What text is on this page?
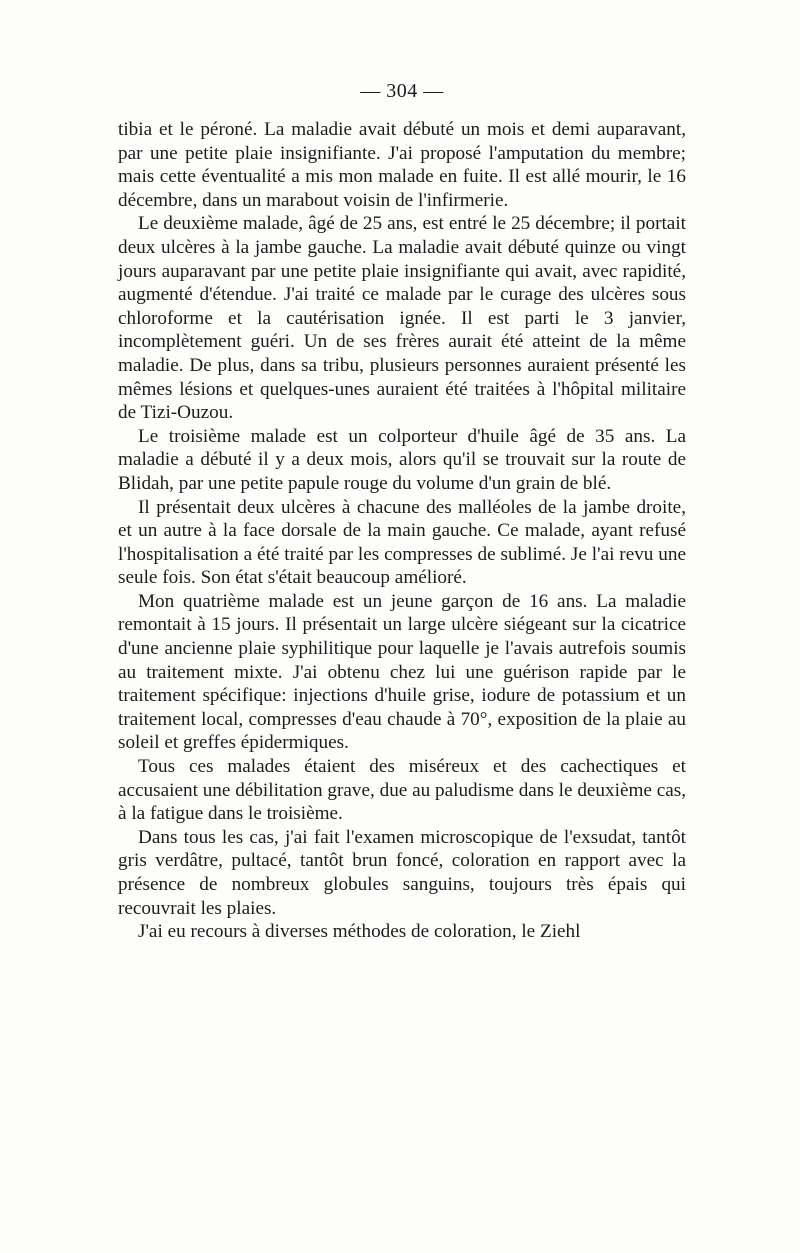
— 304 —

tibia et le péroné. La maladie avait débuté un mois et demi auparavant, par une petite plaie insignifiante. J'ai proposé l'amputation du membre; mais cette éventualité a mis mon malade en fuite. Il est allé mourir, le 16 décembre, dans un marabout voisin de l'infirmerie.

Le deuxième malade, âgé de 25 ans, est entré le 25 décembre; il portait deux ulcères à la jambe gauche. La maladie avait débuté quinze ou vingt jours auparavant par une petite plaie insignifiante qui avait, avec rapidité, augmenté d'étendue. J'ai traité ce malade par le curage des ulcères sous chloroforme et la cautérisation ignée. Il est parti le 3 janvier, incomplètement guéri. Un de ses frères aurait été atteint de la même maladie. De plus, dans sa tribu, plusieurs personnes auraient présenté les mêmes lésions et quelques-unes auraient été traitées à l'hôpital militaire de Tizi-Ouzou.

Le troisième malade est un colporteur d'huile âgé de 35 ans. La maladie a débuté il y a deux mois, alors qu'il se trouvait sur la route de Blidah, par une petite papule rouge du volume d'un grain de blé.

Il présentait deux ulcères à chacune des malléoles de la jambe droite, et un autre à la face dorsale de la main gauche. Ce malade, ayant refusé l'hospitalisation a été traité par les compresses de sublimé. Je l'ai revu une seule fois. Son état s'était beaucoup amélioré.

Mon quatrième malade est un jeune garçon de 16 ans. La maladie remontait à 15 jours. Il présentait un large ulcère siégeant sur la cicatrice d'une ancienne plaie syphilitique pour laquelle je l'avais autrefois soumis au traitement mixte. J'ai obtenu chez lui une guérison rapide par le traitement spécifique: injections d'huile grise, iodure de potassium et un traitement local, compresses d'eau chaude à 70°, exposition de la plaie au soleil et greffes épidermiques.

Tous ces malades étaient des miséreux et des cachectiques et accusaient une débilitation grave, due au paludisme dans le deuxième cas, à la fatigue dans le troisième.

Dans tous les cas, j'ai fait l'examen microscopique de l'exsudat, tantôt gris verdâtre, pultacé, tantôt brun foncé, coloration en rapport avec la présence de nombreux globules sanguins, toujours très épais qui recouvrait les plaies.

J'ai eu recours à diverses méthodes de coloration, le Ziehl
